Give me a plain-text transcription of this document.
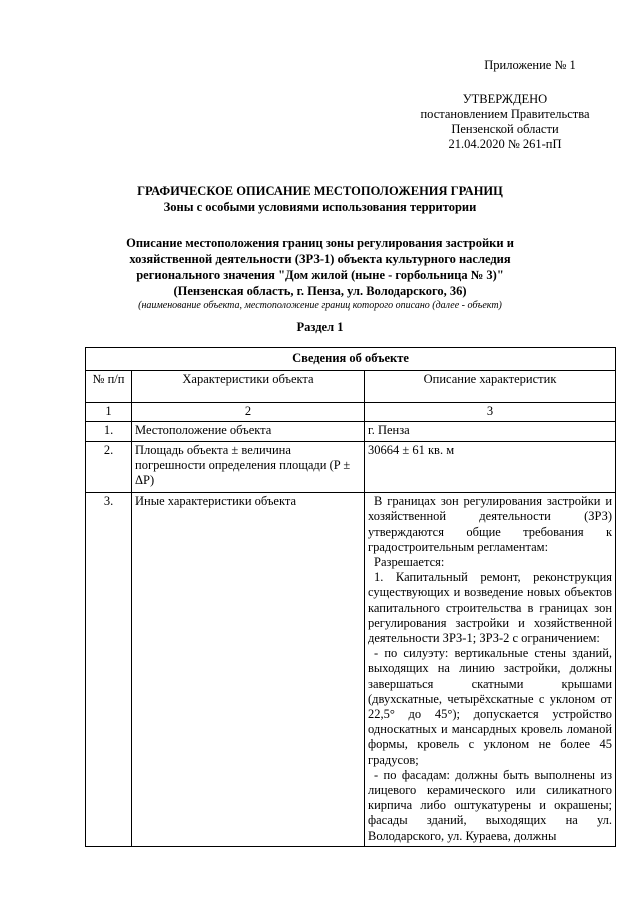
Приложение № 1
УТВЕРЖДЕНО
постановлением Правительства
Пензенской области
21.04.2020 № 261-пП
ГРАФИЧЕСКОЕ ОПИСАНИЕ МЕСТОПОЛОЖЕНИЯ ГРАНИЦ
Зоны с особыми условиями использования территории
Описание местоположения границ зоны регулирования застройки и
хозяйственной деятельности (ЗРЗ-1) объекта культурного наследия
регионального значения "Дом жилой (ныне - горбольница № 3)"
(Пензенская область, г. Пенза, ул. Володарского, 36)
(наименование объекта, местоположение границ которого описано (далее - объект)
Раздел 1
Сведения об объекте		
№ п/п	Характеристики объекта	Описание характеристик
1	2	3
1.	Местоположение объекта	г. Пенза
2.	Площадь объекта ± величина погрешности определения площади (P ± ΔP)	30664 ± 61 кв. м
3.	Иные характеристики объекта	В границах зон регулирования застройки и хозяйственной деятельности (ЗРЗ) утверждаются общие требования к градостроительным регламентам:

Разрешается:

1. Капитальный ремонт, реконструкция существующих и возведение новых объектов капитального строительства в границах зон регулирования застройки и хозяйственной деятельности ЗРЗ-1; ЗРЗ-2 с ограничением:

- по силуэту: вертикальные стены зданий, выходящих на линию застройки, должны завершаться скатными крышами (двухскатные, четырёхскатные с уклоном от 22,5° до 45°); допускается устройство односкатных и мансардных кровель ломаной формы, кровель с уклоном не более 45 градусов;

- по фасадам: должны быть выполнены из лицевого керамического или силикатного кирпича либо оштукатурены и окрашены; фасады зданий, выходящих на ул. Володарского, ул. Кураева, должны
